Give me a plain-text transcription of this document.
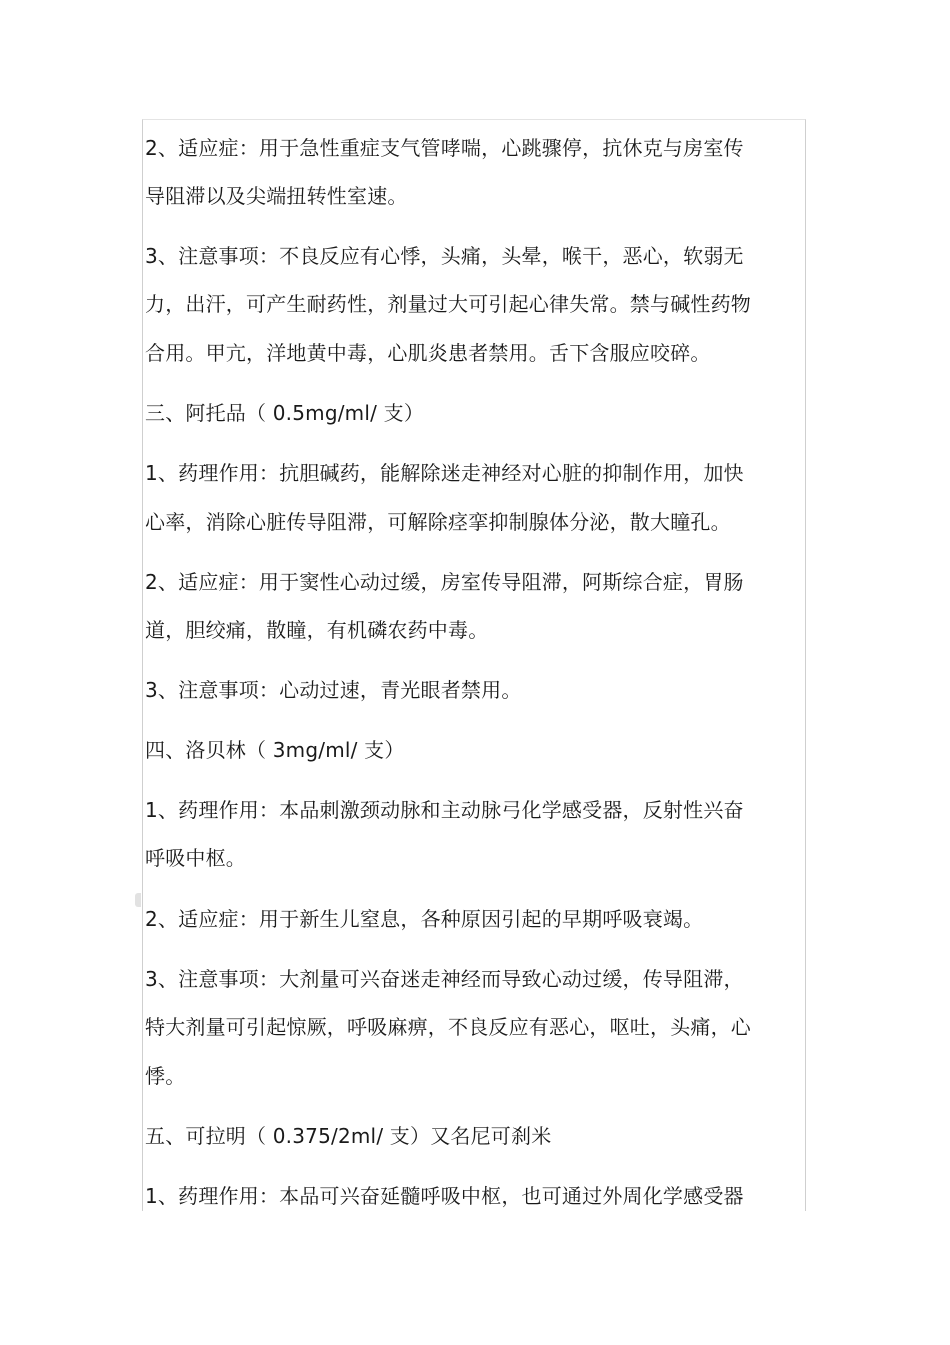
2、适应症：用于急性重症支气管哮喘，心跳骤停，抗休克与房室传
导阻滞以及尖端扭转性室速。
3、注意事项：不良反应有心悸，头痛，头晕，喉干，恶心，软弱无
力，出汗，可产生耐药性，剂量过大可引起心律失常。禁与碱性药物
合用。甲亢，洋地黄中毒，心肌炎患者禁用。舌下含服应咬碎。
三、阿托品（ 0.5mg/ml/ 支）
1、药理作用：抗胆碱药，能解除迷走神经对心脏的抑制作用，加快
心率，消除心脏传导阻滞，可解除痉挛抑制腺体分泌，散大瞳孔。
2、适应症：用于窦性心动过缓，房室传导阻滞，阿斯综合症，胃肠
道，胆绞痛，散瞳，有机磷农药中毒。
3、注意事项：心动过速，青光眼者禁用。
四、洛贝林（ 3mg/ml/ 支）
1、药理作用：本品刺激颈动脉和主动脉弓化学感受器，反射性兴奋
呼吸中枢。
2、适应症：用于新生儿窒息，各种原因引起的早期呼吸衰竭。
3、注意事项：大剂量可兴奋迷走神经而导致心动过缓，传导阻滞，
特大剂量可引起惊厥，呼吸麻痹，不良反应有恶心，呕吐，头痛，心
悸。
五、可拉明（ 0.375/2ml/ 支）又名尼可刹米
1、药理作用：本品可兴奋延髓呼吸中枢，也可通过外周化学感受器
